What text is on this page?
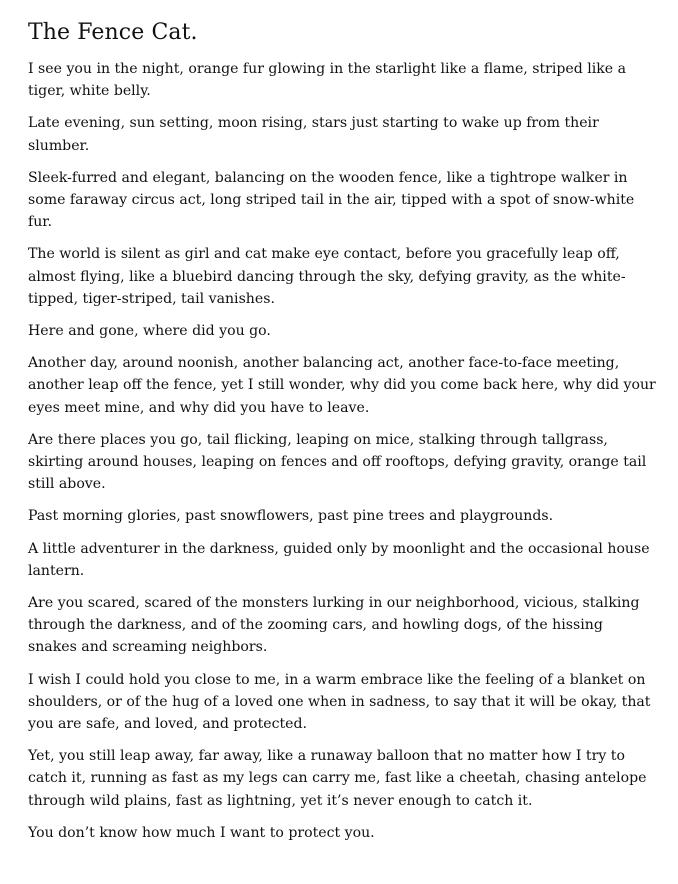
The Fence Cat.

I see you in the night, orange fur glowing in the starlight like a flame, striped like a tiger, white belly.

Late evening, sun setting, moon rising, stars just starting to wake up from their slumber.

Sleek-furred and elegant, balancing on the wooden fence, like a tightrope walker in some faraway circus act, long striped tail in the air, tipped with a spot of snow-white fur.

The world is silent as girl and cat make eye contact, before you gracefully leap off, almost flying, like a bluebird dancing through the sky, defying gravity, as the white-tipped, tiger-striped, tail vanishes.

Here and gone, where did you go.

Another day, around noonish, another balancing act, another face-to-face meeting, another leap off the fence, yet I still wonder, why did you come back here, why did your eyes meet mine, and why did you have to leave.

Are there places you go, tail flicking, leaping on mice, stalking through tallgrass, skirting around houses, leaping on fences and off rooftops, defying gravity, orange tail still above.

Past morning glories, past snowflowers, past pine trees and playgrounds.

A little adventurer in the darkness, guided only by moonlight and the occasional house lantern.

Are you scared, scared of the monsters lurking in our neighborhood, vicious, stalking through the darkness, and of the zooming cars, and howling dogs, of the hissing snakes and screaming neighbors.

I wish I could hold you close to me, in a warm embrace like the feeling of a blanket on shoulders, or of the hug of a loved one when in sadness, to say that it will be okay, that you are safe, and loved, and protected.

Yet, you still leap away, far away, like a runaway balloon that no matter how I try to catch it, running as fast as my legs can carry me, fast like a cheetah, chasing antelope through wild plains, fast as lightning, yet it’s never enough to catch it.

You don’t know how much I want to protect you.
